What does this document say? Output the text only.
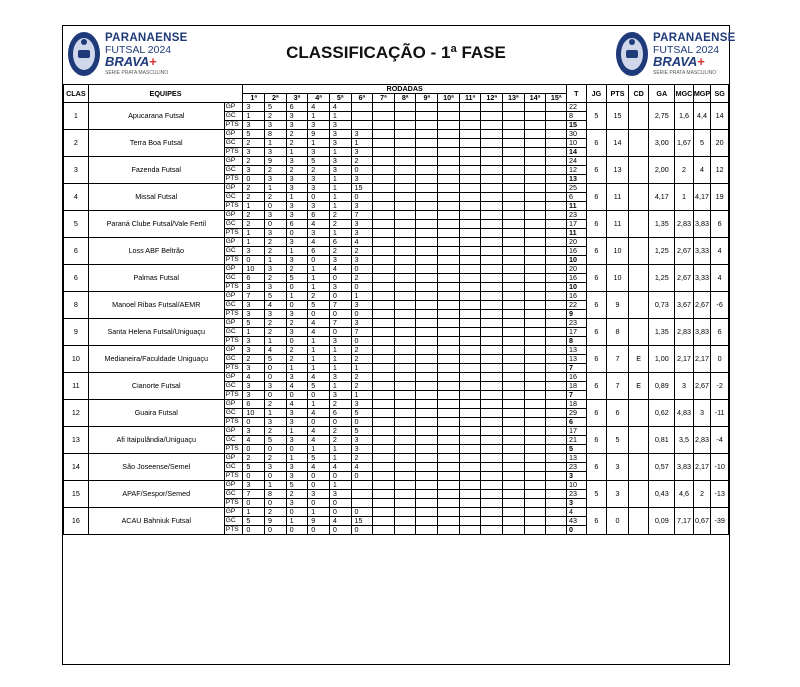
PARANAENSE
FUTSAL 2024
BRAVA+
SÉRIE PRATA MASCULINO
CLASSIFICAÇÃO - 1ª FASE
PARANAENSE
FUTSAL 2024
BRAVA+
SÉRIE PRATA MASCULINO
CLAS	EQUIPES		RODADAS															T	JG	PTS	CD	GA	MGC	MGP	SG
			1ª	2ª	3ª	4ª	5ª	6ª	7ª	8ª	9ª	10ª	11ª	12ª	13ª	14ª	15ª								
1	Apucarana Futsal	GP	3	5	6	4	4											22	5	15		2,75	1,6	4,4	14
		GC	1	2	3	1	1											8							
		PTS	3	3	3	3	3											15							
2	Terra Boa Futsal	GP	5	8	2	9	3	3										30	6	14		3,00	1,67	5	20
		GC	2	1	2	1	3	1										10							
		PTS	3	3	1	3	1	3										14							
3	Fazenda Futsal	GP	2	9	3	5	3	2										24	6	13		2,00	2	4	12
		GC	3	2	2	2	3	0										12							
		PTS	0	3	3	3	1	3										13							
4	Missal Futsal	GP	2	1	3	3	1	15										25	6	11		4,17	1	4,17	19
		GC	2	2	1	0	1	0										6							
		PTS	1	0	3	3	1	3										11							
5	Paraná Clube Futsal/Vale Fertil	GP	2	3	3	6	2	7										23	6	11		1,35	2,83	3,83	6
		GC	2	0	6	4	2	3										17							
		PTS	1	3	0	3	1	3										11							
6	Loss ABF Beltrão	GP	1	2	3	4	6	4										20	6	10		1,25	2,67	3,33	4
		GC	3	2	1	6	2	2										16							
		PTS	0	1	3	0	3	3										10							
6	Palmas Futsal	GP	10	3	2	1	4	0										20	6	10		1,25	2,67	3,33	4
		GC	6	2	5	1	0	2										16							
		PTS	3	3	0	1	3	0										10							
8	Manoel Ribas Futsal/AEMR	GP	7	5	1	2	0	1										16	6	9		0,73	3,67	2,67	-6
		GC	3	4	0	5	7	3										22							
		PTS	3	3	3	0	0	0										9							
9	Santa Helena Futsal/Uniguaçu	GP	5	2	2	4	7	3										23	6	8		1,35	2,83	3,83	6
		GC	1	2	3	4	0	7										17							
		PTS	3	1	0	1	3	0										8							
10	Medianeira/Faculdade Uniguaçu	GP	3	4	2	1	1	2										13	6	7	E	1,00	2,17	2,17	0
		GC	2	5	2	1	1	2										13							
		PTS	3	0	1	1	1	1										7							
11	Cianorte Futsal	GP	4	0	3	4	3	2										16	6	7	E	0,89	3	2,67	-2
		GC	3	3	4	5	1	2										18							
		PTS	3	0	0	0	3	1										7							
12	Guaira Futsal	GP	6	2	4	1	2	3										18	6	6		0,62	4,83	3	-11
		GC	10	1	3	4	6	5										29							
		PTS	0	3	3	0	0	0										6							
13	Afi Itaipulândia/Uniguaçu	GP	3	2	1	4	2	5										17	6	5		0,81	3,5	2,83	-4
		GC	4	5	3	4	2	3										21							
		PTS	0	0	0	1	1	3										5							
14	São Joseense/Semel	GP	2	2	1	5	1	2										13	6	3		0,57	3,83	2,17	-10
		GC	5	3	3	4	4	4										23							
		PTS	0	0	3	0	0	0										3							
15	APAF/Sespor/Semed	GP	3	1	5	0	1											10	5	3		0,43	4,6	2	-13
		GC	7	8	2	3	3											23							
		PTS	0	0	3	0	0											3							
16	ACAU Bahniuk Futsal	GP	1	2	0	1	0	0										4	6	0		0,09	7,17	0,67	-39
		GC	5	9	1	9	4	15										43							
		PTS	0	0	0	0	0	0										0							
